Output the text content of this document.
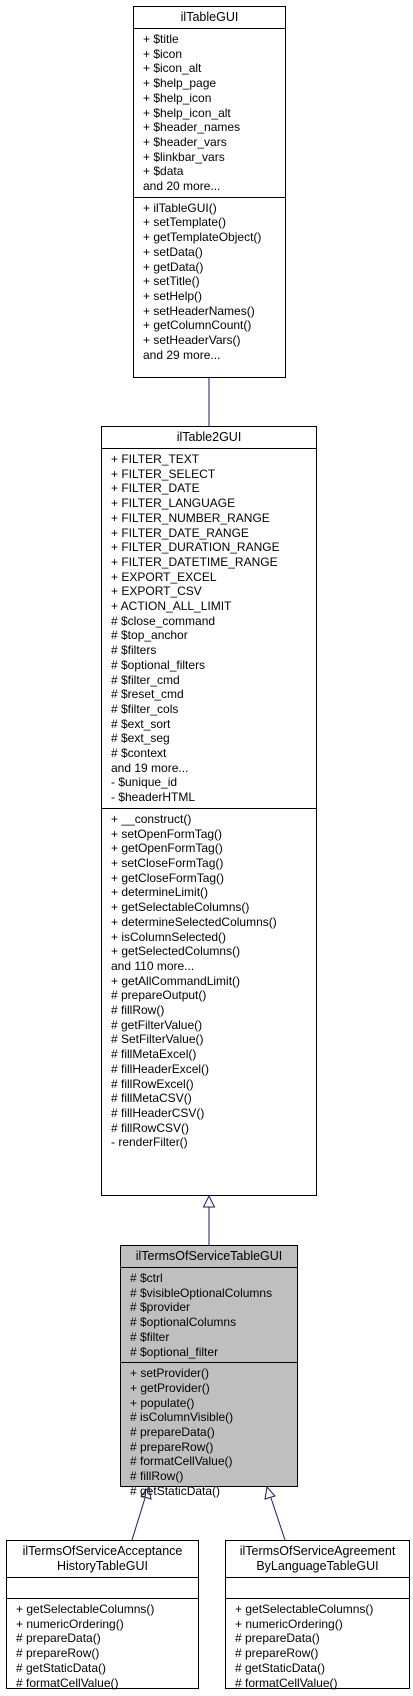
ilTableGUI
+ $title
+ $icon
+ $icon_alt
+ $help_page
+ $help_icon
+ $help_icon_alt
+ $header_names
+ $header_vars
+ $linkbar_vars
+ $data
and 20 more...
+ ilTableGUI()
+ setTemplate()
+ getTemplateObject()
+ setData()
+ getData()
+ setTitle()
+ setHelp()
+ setHeaderNames()
+ getColumnCount()
+ setHeaderVars()
and 29 more...
ilTable2GUI
+ FILTER_TEXT
+ FILTER_SELECT
+ FILTER_DATE
+ FILTER_LANGUAGE
+ FILTER_NUMBER_RANGE
+ FILTER_DATE_RANGE
+ FILTER_DURATION_RANGE
+ FILTER_DATETIME_RANGE
+ EXPORT_EXCEL
+ EXPORT_CSV
+ ACTION_ALL_LIMIT
# $close_command
# $top_anchor
# $filters
# $optional_filters
# $filter_cmd
# $reset_cmd
# $filter_cols
# $ext_sort
# $ext_seg
# $context
and 19 more...
- $unique_id
- $headerHTML
+ __construct()
+ setOpenFormTag()
+ getOpenFormTag()
+ setCloseFormTag()
+ getCloseFormTag()
+ determineLimit()
+ getSelectableColumns()
+ determineSelectedColumns()
+ isColumnSelected()
+ getSelectedColumns()
and 110 more...
+ getAllCommandLimit()
# prepareOutput()
# fillRow()
# getFilterValue()
# SetFilterValue()
# fillMetaExcel()
# fillHeaderExcel()
# fillRowExcel()
# fillMetaCSV()
# fillHeaderCSV()
# fillRowCSV()
- renderFilter()
ilTermsOfServiceTableGUI
# $ctrl
# $visibleOptionalColumns
# $provider
# $optionalColumns
# $filter
# $optional_filter
+ setProvider()
+ getProvider()
+ populate()
# isColumnVisible()
# prepareData()
# prepareRow()
# formatCellValue()
# fillRow()
# getStaticData()
ilTermsOfServiceAcceptance
HistoryTableGUI
+ getSelectableColumns()
+ numericOrdering()
# prepareData()
# prepareRow()
# getStaticData()
# formatCellValue()
ilTermsOfServiceAgreement
ByLanguageTableGUI
+ getSelectableColumns()
+ numericOrdering()
# prepareData()
# prepareRow()
# getStaticData()
# formatCellValue()
